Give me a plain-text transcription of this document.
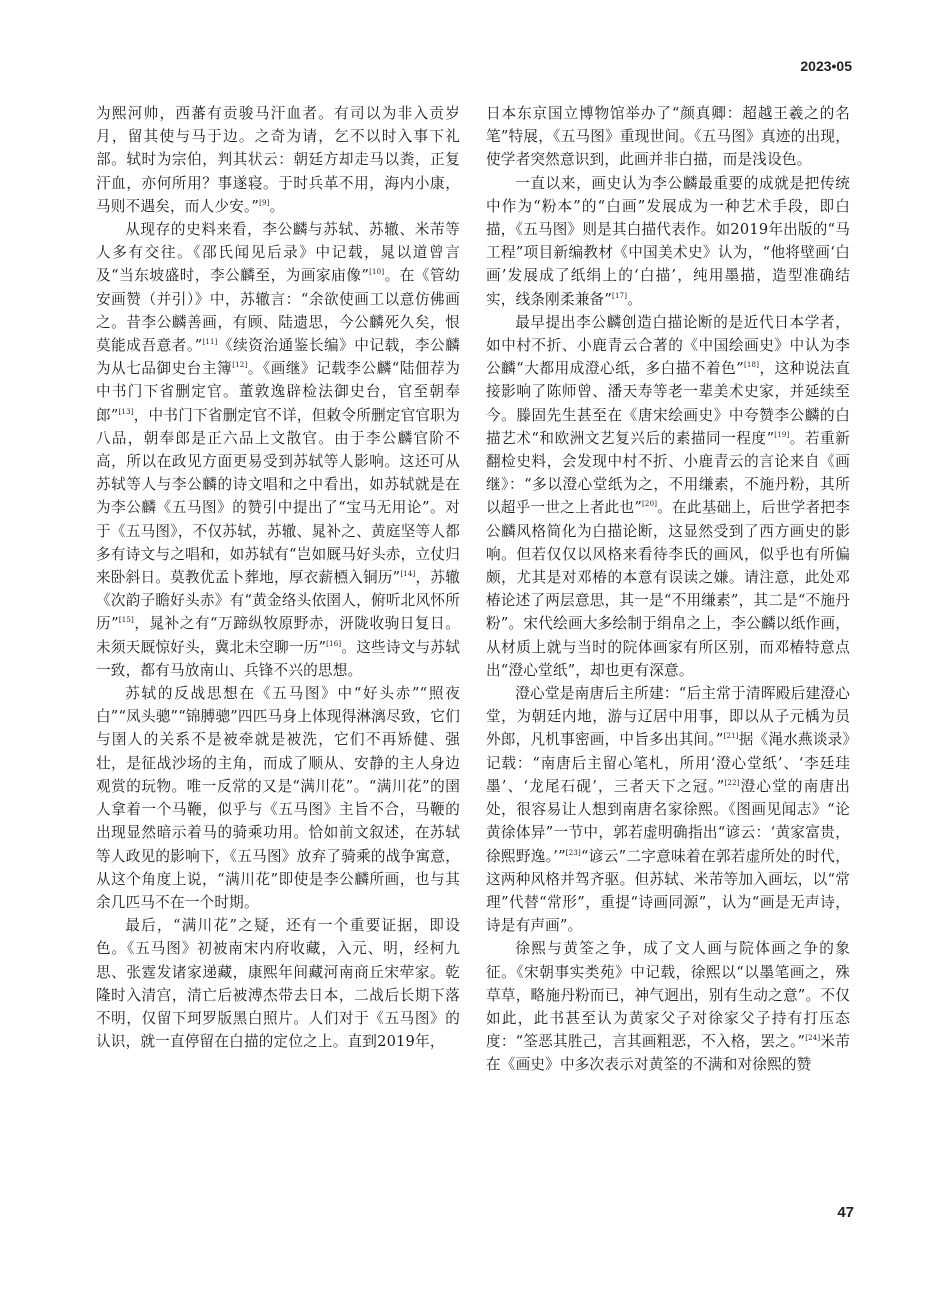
2023•05

为熙河帅，西蕃有贡骏马汗血者。有司以为非入贡岁月，留其使与马于边。之奇为请，乞不以时入事下礼部。轼时为宗伯，判其状云：朝廷方却走马以粪，正复汗血，亦何所用？事遂寝。于时兵革不用，海内小康，马则不遇矣，而人少安。”[9]。

从现存的史料来看，李公麟与苏轼、苏辙、米芾等人多有交往。《邵氏闻见后录》中记载，晁以道曾言及“当东坡盛时，李公麟至，为画家庙像”[10]。在《管幼安画赞（并引）》中，苏辙言：“余欲使画工以意仿佛画之。昔李公麟善画，有顾、陆遗思，今公麟死久矣，恨莫能成吾意者。”[11]《续资治通鉴长编》中记载，李公麟为从七品御史台主簿[12]。《画继》记载李公麟“陆佃荐为中书门下省删定官。董敦逸辟检法御史台，官至朝奉郎”[13]，中书门下省删定官不详，但敕令所删定官官职为八品，朝奉郎是正六品上文散官。由于李公麟官阶不高，所以在政见方面更易受到苏轼等人影响。这还可从苏轼等人与李公麟的诗文唱和之中看出，如苏轼就是在为李公麟《五马图》的赞引中提出了“宝马无用论”。对于《五马图》，不仅苏轼，苏辙、晁补之、黄庭坚等人都多有诗文与之唱和，如苏轼有“岂如厩马好头赤，立仗归来卧斜日。莫教优孟卜葬地，厚衣薪槱入铜历”[14]，苏辙《次韵子瞻好头赤》有“黄金络头依圉人，俯听北风怀所历”[15]，晁补之有“万蹄纵牧原野赤，汧陇收驹日复日。未须天厩惊好头，冀北未空聊一历”[16]。这些诗文与苏轼一致，都有马放南山、兵锋不兴的思想。

苏轼的反战思想在《五马图》中“好头赤”“照夜白”“凤头骢”“锦膊骢”四匹马身上体现得淋漓尽致，它们与圉人的关系不是被牵就是被洗，它们不再矫健、强壮，是征战沙场的主角，而成了顺从、安静的主人身边观赏的玩物。唯一反常的又是“满川花”。“满川花”的圉人拿着一个马鞭，似乎与《五马图》主旨不合，马鞭的出现显然暗示着马的骑乘功用。恰如前文叙述，在苏轼等人政见的影响下，《五马图》放弃了骑乘的战争寓意，从这个角度上说，“满川花”即使是李公麟所画，也与其余几匹马不在一个时期。

最后，“满川花”之疑，还有一个重要证据，即设色。《五马图》初被南宋内府收藏，入元、明，经柯九思、张霆发诸家递藏，康熙年间藏河南商丘宋荦家。乾隆时入清宫，清亡后被溥杰带去日本，二战后长期下落不明，仅留下珂罗版黑白照片。人们对于《五马图》的认识，就一直停留在白描的定位之上。直到2019年，

日本东京国立博物馆举办了“颜真卿：超越王羲之的名笔”特展，《五马图》重现世间。《五马图》真迹的出现，使学者突然意识到，此画并非白描，而是浅设色。

一直以来，画史认为李公麟最重要的成就是把传统中作为“粉本”的“白画”发展成为一种艺术手段，即白描，《五马图》则是其白描代表作。如2019年出版的“马工程”项目新编教材《中国美术史》认为，“他将壁画‘白画’发展成了纸绢上的‘白描’，纯用墨描，造型准确结实，线条刚柔兼备”[17]。

最早提出李公麟创造白描论断的是近代日本学者，如中村不折、小鹿青云合著的《中国绘画史》中认为李公麟“大都用成澄心纸，多白描不着色”[18]，这种说法直接影响了陈师曾、潘天寿等老一辈美术史家，并延续至今。滕固先生甚至在《唐宋绘画史》中夸赞李公麟的白描艺术“和欧洲文艺复兴后的素描同一程度”[19]。若重新翻检史料，会发现中村不折、小鹿青云的言论来自《画继》：“多以澄心堂纸为之，不用缣素，不施丹粉，其所以超乎一世之上者此也”[20]。在此基础上，后世学者把李公麟风格简化为白描论断，这显然受到了西方画史的影响。但若仅仅以风格来看待李氏的画风，似乎也有所偏颇，尤其是对邓椿的本意有误读之嫌。请注意，此处邓椿论述了两层意思，其一是“不用缣素”，其二是“不施丹粉”。宋代绘画大多绘制于绢帛之上，李公麟以纸作画，从材质上就与当时的院体画家有所区别，而邓椿特意点出“澄心堂纸”，却也更有深意。

澄心堂是南唐后主所建：“后主常于清晖殿后建澄心堂，为朝廷内地，游与辽居中用事，即以从子元楀为员外郎，凡机事密画，中旨多出其间。”[21]据《渑水燕谈录》记载：“南唐后主留心笔札，所用‘澄心堂纸’、‘李廷珪墨’、‘龙尾石砚’，三者天下之冠。”[22]澄心堂的南唐出处，很容易让人想到南唐名家徐熙。《图画见闻志》“论黄徐体异”一节中，郭若虚明确指出“谚云：‘黄家富贵，徐熙野逸。’”[23]“谚云”二字意味着在郭若虚所处的时代，这两种风格并驾齐驱。但苏轼、米芾等加入画坛，以“常理”代替“常形”，重提“诗画同源”，认为“画是无声诗，诗是有声画”。

徐熙与黄筌之争，成了文人画与院体画之争的象征。《宋朝事实类苑》中记载，徐熙以“以墨笔画之，殊草草，略施丹粉而已，神气迥出，别有生动之意”。不仅如此，此书甚至认为黄家父子对徐家父子持有打压态度：“筌恶其胜己，言其画粗恶，不入格，罢之。”[24]米芾在《画史》中多次表示对黄筌的不满和对徐熙的赞

47
